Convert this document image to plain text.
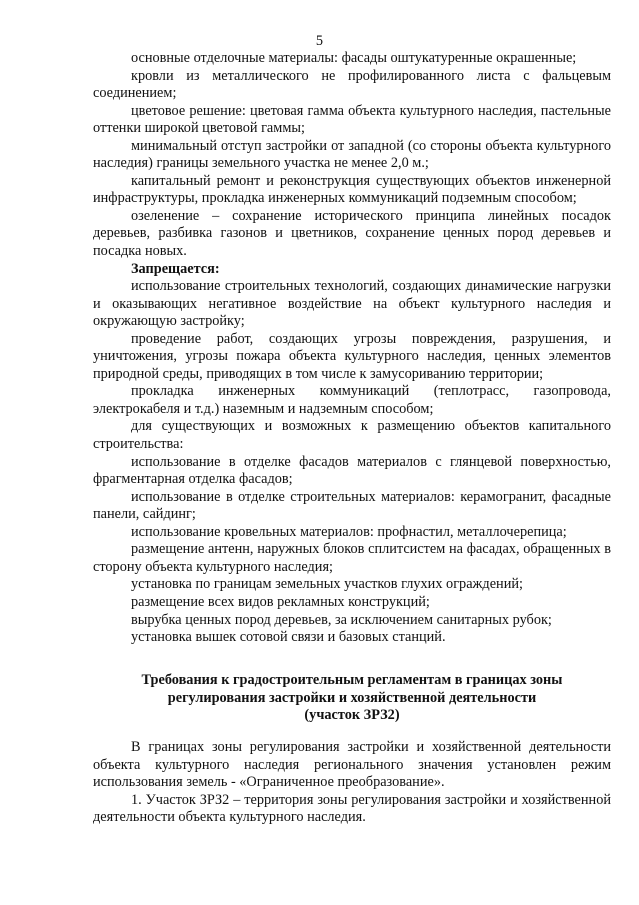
5

основные отделочные материалы: фасады оштукатуренные окрашенные;

кровли из металлического не профилированного листа с фальцевым соединением;

цветовое решение: цветовая гамма объекта культурного наследия, пастельные оттенки широкой цветовой гаммы;

минимальный отступ застройки от западной (со стороны объекта культурного наследия) границы земельного участка не менее 2,0 м.;

капитальный ремонт и реконструкция существующих объектов инженерной инфраструктуры, прокладка инженерных коммуникаций подземным способом;

озеленение – сохранение исторического принципа линейных посадок деревьев, разбивка газонов и цветников, сохранение ценных пород деревьев и посадка новых.

Запрещается:

использование строительных технологий, создающих динамические нагрузки и оказывающих негативное воздействие на объект культурного наследия и окружающую застройку;

проведение работ, создающих угрозы повреждения, разрушения, и уничтожения, угрозы пожара объекта культурного наследия, ценных элементов природной среды, приводящих в том числе к замусориванию территории;

прокладка инженерных коммуникаций (теплотрасс, газопровода, электрокабеля и т.д.) наземным и надземным способом;

для существующих и возможных к размещению объектов капитального строительства:

использование в отделке фасадов материалов с глянцевой поверхностью, фрагментарная отделка фасадов;

использование в отделке строительных материалов: керамогранит, фасадные панели, сайдинг;

использование кровельных материалов: профнастил, металлочерепица;

размещение антенн, наружных блоков сплитсистем на фасадах, обращенных в сторону объекта культурного наследия;

установка по границам земельных участков глухих ограждений;

размещение всех видов рекламных конструкций;

вырубка ценных пород деревьев, за исключением санитарных рубок;

установка вышек сотовой связи и базовых станций.

Требования к градостроительным регламентам в границах зоны
регулирования застройки и хозяйственной деятельности
(участок ЗРЗ2)

В границах зоны регулирования застройки и хозяйственной деятельности объекта культурного наследия регионального значения установлен режим использования земель - «Ограниченное преобразование».

1. Участок ЗРЗ2 – территория зоны регулирования застройки и хозяйственной деятельности объекта культурного наследия.
